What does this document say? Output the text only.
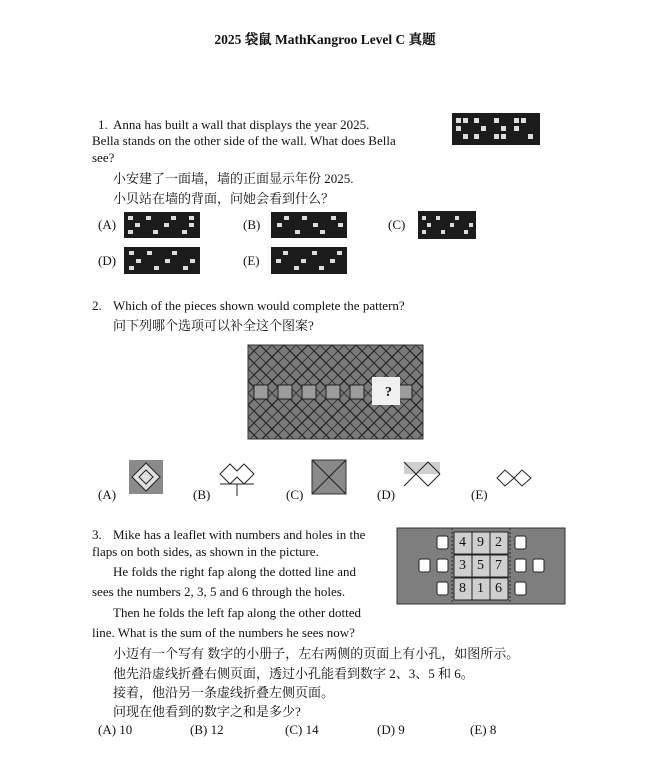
2025 袋鼠 MathKangroo Level C 真题
1. Anna has built a wall that displays the year 2025.
Bella stands on the other side of the wall. What does Bella
see?
小安建了一面墙，墙的正面显示年份 2025.
小贝站在墙的背面，问她会看到什么？
(A)	(B)	(C)
(D)	(E)
2. Which of the pieces shown would complete the pattern?
问下列哪个选项可以补全这个图案?
?
(A)	(B)	(C)	(D)	(E)
3. Mike has a leaflet with numbers and holes in the
flaps on both sides, as shown in the picture.
He folds the right fap along the dotted line and
sees the numbers 2, 3, 5 and 6 through the holes.
Then he folds the left fap along the other dotted
line. What is the sum of the numbers he sees now?
小迈有一个写有 数字的小册子，左右两侧的页面上有小孔，如图所示。
他先沿虚线折叠右侧页面，透过小孔能看到数字 2、3、5 和 6。
接着，他沿另一条虚线折叠左侧页面。
问现在他看到的数字之和是多少?
4 9 2
3 5 7
8 1 6
(A) 10	(B) 12	(C) 14	(D) 9	(E) 8
